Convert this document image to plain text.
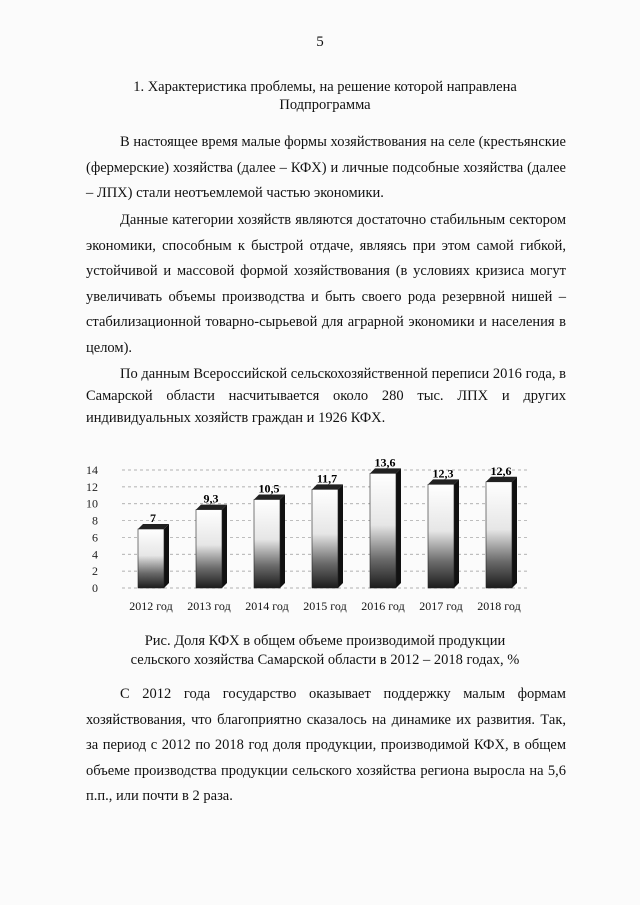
5
1. Характеристика проблемы, на решение которой направлена
Подпрограмма

В настоящее время малые формы хозяйствования на селе (крестьянские (фермерские) хозяйства (далее – КФХ) и личные подсобные хозяйства (далее – ЛПХ) стали неотъемлемой частью экономики.

Данные категории хозяйств являются достаточно стабильным сектором экономики, способным к быстрой отдаче, являясь при этом самой гибкой, устойчивой и массовой формой хозяйствования (в условиях кризиса могут увеличивать объемы производства и быть своего рода резервной нишей – стабилизационной товарно-сырьевой для аграрной экономики и населения в целом).

По данным Всероссийской сельскохозяйственной переписи 2016 года, в Самарской области насчитывается около 280 тыс. ЛПХ и других индивидуальных хозяйств граждан и 1926 КФХ.

0
2
4
6
8
10
12
14
7
9,3
10,5
11,7
13,6
12,3	12,6
2012 год 2013 год 2014 год 2015 год 2016 год 2017 год 2018 год
Рис. Доля КФХ в общем объеме производимой продукции
сельского хозяйства Самарской области в 2012 – 2018 годах, %

С 2012 года государство оказывает поддержку малым формам хозяйствования, что благоприятно сказалось на динамике их развития. Так, за период с 2012 по 2018 год доля продукции, производимой КФХ, в общем объеме производства продукции сельского хозяйства региона выросла на 5,6 п.п., или почти в 2 раза.
